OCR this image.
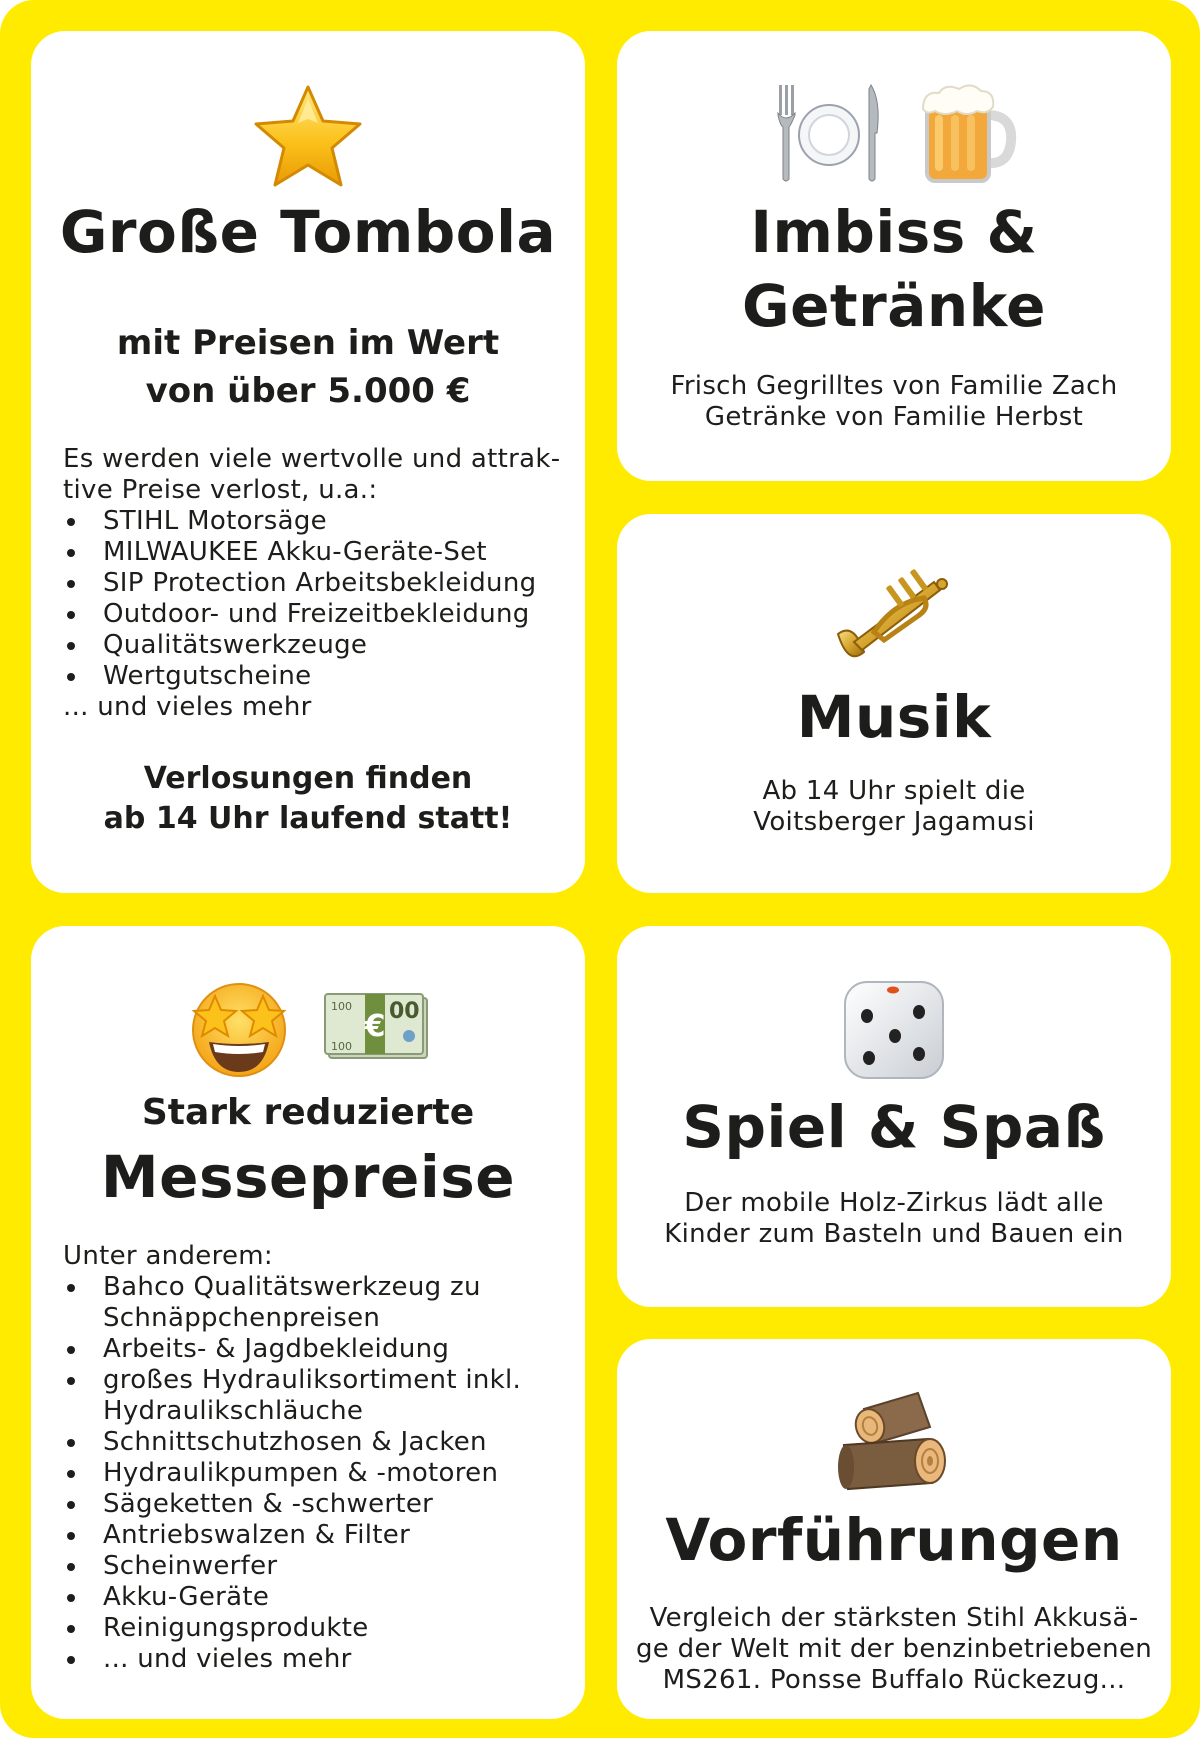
Große Tombola
mit Preisen im Wert
von über 5.000 €
Es werden viele wertvolle und attrak-
tive Preise verlost, u.a.:
STIHL Motorsäge
MILWAUKEE Akku-Geräte-Set
SIP Protection Arbeitsbekleidung
Outdoor- und Freizeitbekleidung
Qualitätswerkzeuge
Wertgutscheine
... und vieles mehr
Verlosungen finden
ab 14 Uhr laufend statt!
Imbiss &
Getränke
Frisch Gegrilltes von Familie Zach
Getränke von Familie Herbst
Musik
Ab 14 Uhr spielt die
Voitsberger Jagamusi
€
100 00
100
Stark reduzierte
Messepreise
Unter anderem:
Bahco Qualitätswerkzeug zu
Schnäppchenpreisen
Arbeits- & Jagdbekleidung
großes Hydrauliksortiment inkl.
Hydraulikschläuche
Schnittschutzhosen & Jacken
Hydraulikpumpen & -motoren
Sägeketten & -schwerter
Antriebswalzen & Filter
Scheinwerfer
Akku-Geräte
Reinigungsprodukte
... und vieles mehr
Spiel & Spaß
Der mobile Holz-Zirkus lädt alle
Kinder zum Basteln und Bauen ein
Vorführungen
Vergleich der stärksten Stihl Akkusä-
ge der Welt mit der benzinbetriebenen
MS261. Ponsse Buffalo Rückezug...
